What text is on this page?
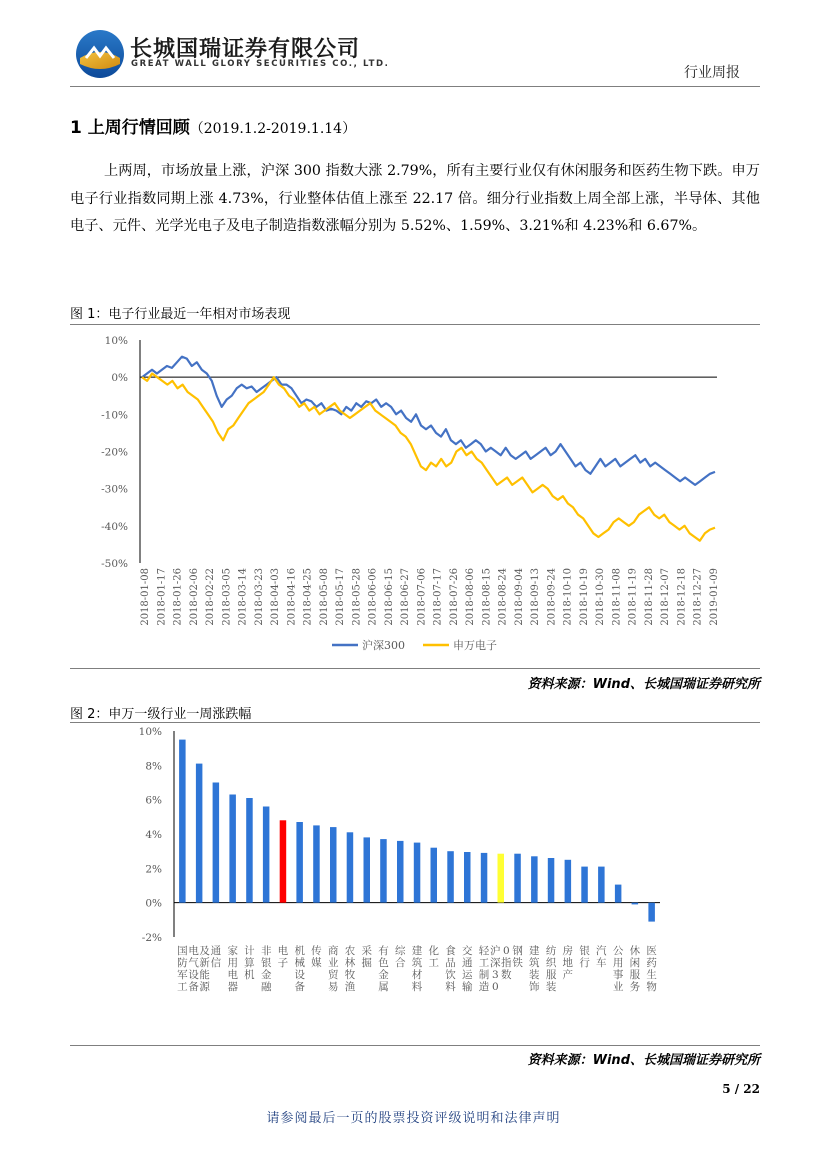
长城国瑞证券有限公司
GREAT WALL GLORY SECURITIES CO., LTD.
行业周报
1 上周行情回顾（2019.1.2-2019.1.14）
上两周，市场放量上涨，沪深 300 指数大涨 2.79%，所有主要行业仅有休闲服务和医药生物下跌。申万电子行业指数同期上涨 4.73%，行业整体估值上涨至 22.17 倍。细分行业指数上周全部上涨，半导体、其他电子、元件、光学光电子及电子制造指数涨幅分别为 5.52%、1.59%、3.21%和 4.23%和 6.67%。
图 1：电子行业最近一年相对市场表现
10%
0%
-10%
-20%
-30%
-40%
-50%
2018-01-08 2018-01-17 2018-01-26 2018-02-06 2018-02-22 2018-03-05 2018-03-14 2018-03-23 2018-04-03 2018-04-16 2018-04-25 2018-05-08 2018-05-17 2018-05-28 2018-06-06 2018-06-15 2018-06-27 2018-07-06 2018-07-17 2018-07-26 2018-08-06 2018-08-15 2018-08-24 2018-09-04 2018-09-13 2018-09-24 2018-10-10 2018-10-19 2018-10-30 2018-11-08 2018-11-19 2018-11-28 2018-12-07 2018-12-18 2018-12-27 2019-01-09
沪深300	申万电子
资料来源：Wind、长城国瑞证券研究所
图 2：申万一级行业一周涨跌幅
10%
8%
6%
4%
2%
0%
-2%
国防军工
电气设备及新能源
通信
家用电器
计算机
非银金融
电子
机械设备
传媒
商业贸易
农林牧渔
采掘
有色金属
综合
建筑材料
化工
食品饮料
交通运输
轻工制造
沪深 3 00 指数
钢铁
建筑装饰
纺织服装
房地产
银行
汽车
公用事业
休闲服务
医药生物
资料来源：Wind、长城国瑞证券研究所
5 / 22
请参阅最后一页的股票投资评级说明和法律声明
